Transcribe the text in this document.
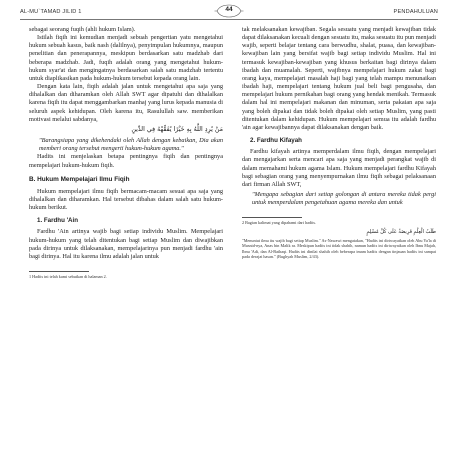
AL-MU`TAMAD JILID 1	44	PENDAHULUAN

sebagai seorang fuqih (ahli hukum Islam).

Istilah fiqih ini kemudian menjadi sebuah pengertian yatu mengetahui hukum sebuah kasus, baik nash (dalilnya), penyimpulan hukumnya, maupun penelitian dan penerapannya, meskipun berdasarkan satu madzhab dari beberapa madzhab. Jadi, fuqih adalah orang yang mengetahui hukum-hukum syar'at dan mengingatnya berdasarkan salah satu madzhab tertentu untuk diaplikasikan pada hukum-hukum tersebut kepada orang lain.

Dengan kata lain, fiqih adalah jalan untuk mengetahui apa saja yang dihalalkan dan diharamkan oleh Allah SWT agar dipatuhi dan dihalalkan karena fiqih itu dapat menggambarkan manhaj yang lurus kepada manusia di seluruh aspek kehidupan. Oleh karena itu, Rasulullah saw. memberikan motivasi melalui sabdanya,

مَنْ يُرِدِ اللَّهُ بِهِ خَيْرًا يُفَقِّهْهُ فِي الدِّينِ

"Barangsiapa yang dikehendaki oleh Allah dengan kebaikan, Dia akan memberi orang tersebut mengerti hukum-hukum agama."

Hadits ini menjelaskan betapa pentingnya fiqih dan pentingnya mempelajari hukum-hukum fiqih.

B. Hukum Mempelajari Ilmu Fiqih

Hukum mempelajari ilmu fiqih bermacam-macam sesuai apa saja yang dihalalkan dan diharamkan. Hal tersebut dibahas dalam salah satu hukum-hukum berikut.

1. Fardhu 'Ain

Fardhu 'Ain artinya wajib bagi setiap individu Muslim. Mempelajari hukum-hukum yang telah ditentukan bagi setiap Muslim dan diwajibkan pada dirinya untuk dilaksanakan, mempelajarinya pun menjadi fardhu 'ain bagi dirinya. Hal itu karena ilmu adalah jalan untuk

1 Hadits ini telah kami sebutkan di halaman 2.

tak melaksanakan kewajiban. Segala sesuatu yang menjadi kewajiban tidak dapat dilaksanakan kecuali dengan sesuatu itu, maka sesuatu itu pun menjadi wajib, seperti belajar tentang cara berwudhu, shalat, puasa, dan kewajiban-kewajiban lain yang bersifat wajib bagi setiap individu Muslim. Hal ini termasuk kewajiban-kewajiban yang khusus berkaitan bagi dirinya dalam ibadah dan muamalah. Seperti, wajibnya mempelajari hukum zakat bagi orang kaya, mempelajari masalah haji bagi yang telah mampu menunaikan ibadah haji, mempelajari tentang hukum jual beli bagi pengusaha, dan mempelajari hukum pernikahan bagi orang yang hendak menikah. Termasuk dalam hal ini mempelajari makanan dan minuman, serta pakaian apa saja yang boleh dipakai dan tidak boleh dipakai oleh setiap Muslim, yang pasti ditentukan dalam kehidupan. Hukum mempelajari semua itu adalah fardhu 'ain agar kewajibannya dapat dilaksanakan dengan baik.

2. Fardhu Kifayah

Fardhu kifayah artinya memperdalam ilmu fiqih, dengan mempelajari dan mengajarkan serta mencari apa saja yang menjadi perangkat wajib di dalam memahami hukum agama Islam. Hukum mempelajari fardhu Kifayah bagi sebagian orang yang menyempurnakan ilmu fiqih sebagai pelaksanaan dari firman Allah SWT,

"Mengapa sebagian dari setiap golongan di antara mereka tidak pergi untuk memperdalam pengetahuan agama mereka dan untuk

2 Bagian kalimat yang dipahami dari hadits.

طَلَبُ الْعِلْمِ فَرِيضَةٌ عَلَى كُلِّ مُسْلِمٍ

"Menuntut ilmu itu wajib bagi setiap Muslim." As-Nawawi mengatakan, "Hadits ini diriwayatkan oleh Abu Ya'la di Musnid-nya, Anas bin Malik ra. Meskipun hadits ini tidak shahih, namun hadits ini diriwayatkan oleh Ibnu Majah, Ibnu 'Adi, dan Al-Baihaqi. Hadits ini dinilai shahih oleh beberapa imam hadits dengan tinjauan hadits ini sampai pada derajat hasan." (Bughyah Muslim, 2/43).
